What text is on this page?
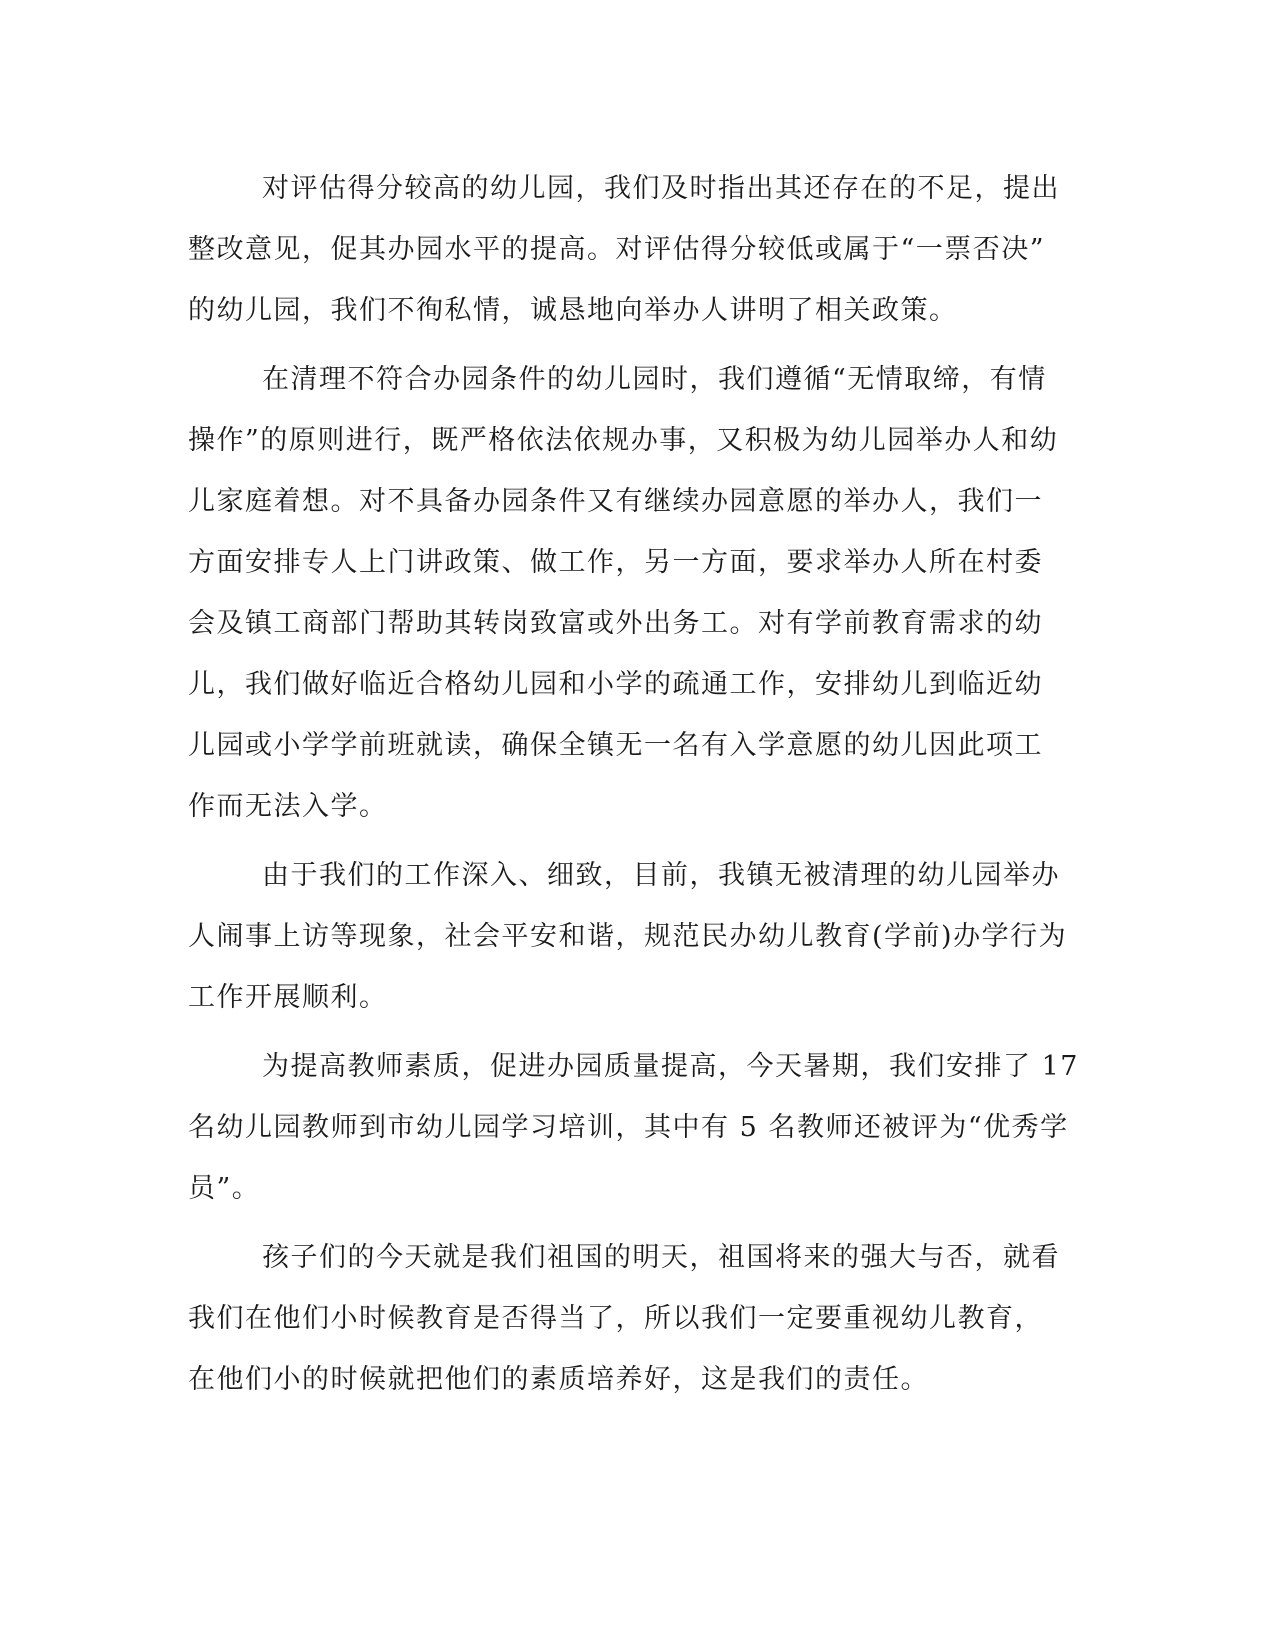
对评估得分较高的幼儿园，我们及时指出其还存在的不足，提出
整改意见，促其办园水平的提高。对评估得分较低或属于“一票否决”
的幼儿园，我们不徇私情，诚恳地向举办人讲明了相关政策。
在清理不符合办园条件的幼儿园时，我们遵循“无情取缔，有情
操作”的原则进行，既严格依法依规办事，又积极为幼儿园举办人和幼
儿家庭着想。对不具备办园条件又有继续办园意愿的举办人，我们一
方面安排专人上门讲政策、做工作，另一方面，要求举办人所在村委
会及镇工商部门帮助其转岗致富或外出务工。对有学前教育需求的幼
儿，我们做好临近合格幼儿园和小学的疏通工作，安排幼儿到临近幼
儿园或小学学前班就读，确保全镇无一名有入学意愿的幼儿因此项工
作而无法入学。
由于我们的工作深入、细致，目前，我镇无被清理的幼儿园举办
人闹事上访等现象，社会平安和谐，规范民办幼儿教育(学前)办学行为
工作开展顺利。
为提高教师素质，促进办园质量提高，今天暑期，我们安排了 17
名幼儿园教师到市幼儿园学习培训，其中有 5 名教师还被评为“优秀学
员”。
孩子们的今天就是我们祖国的明天，祖国将来的强大与否，就看
我们在他们小时候教育是否得当了，所以我们一定要重视幼儿教育，
在他们小的时候就把他们的素质培养好，这是我们的责任。
